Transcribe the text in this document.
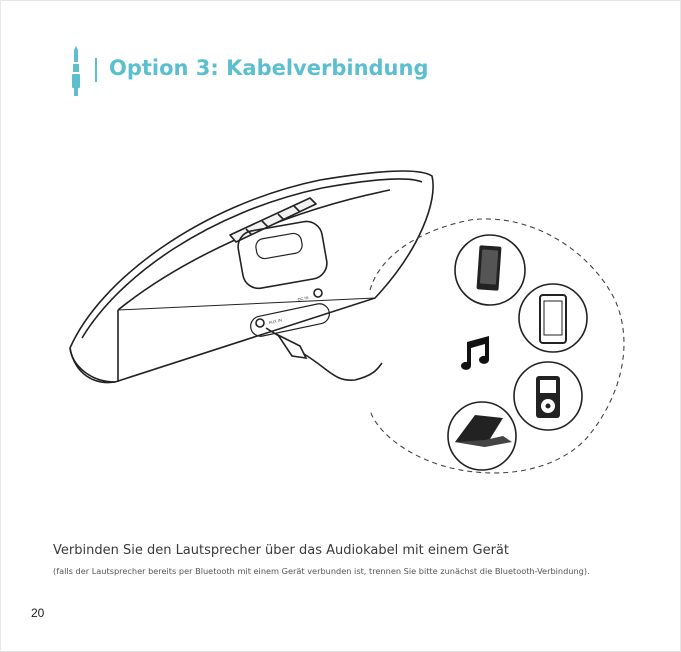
Option 3: Kabelverbindung
AUX IN
DC IN
Verbinden Sie den Lautsprecher über das Audiokabel mit einem Gerät
(falls der Lautsprecher bereits per Bluetooth mit einem Gerät verbunden ist, trennen Sie bitte zunächst die Bluetooth-Verbindung).
20
